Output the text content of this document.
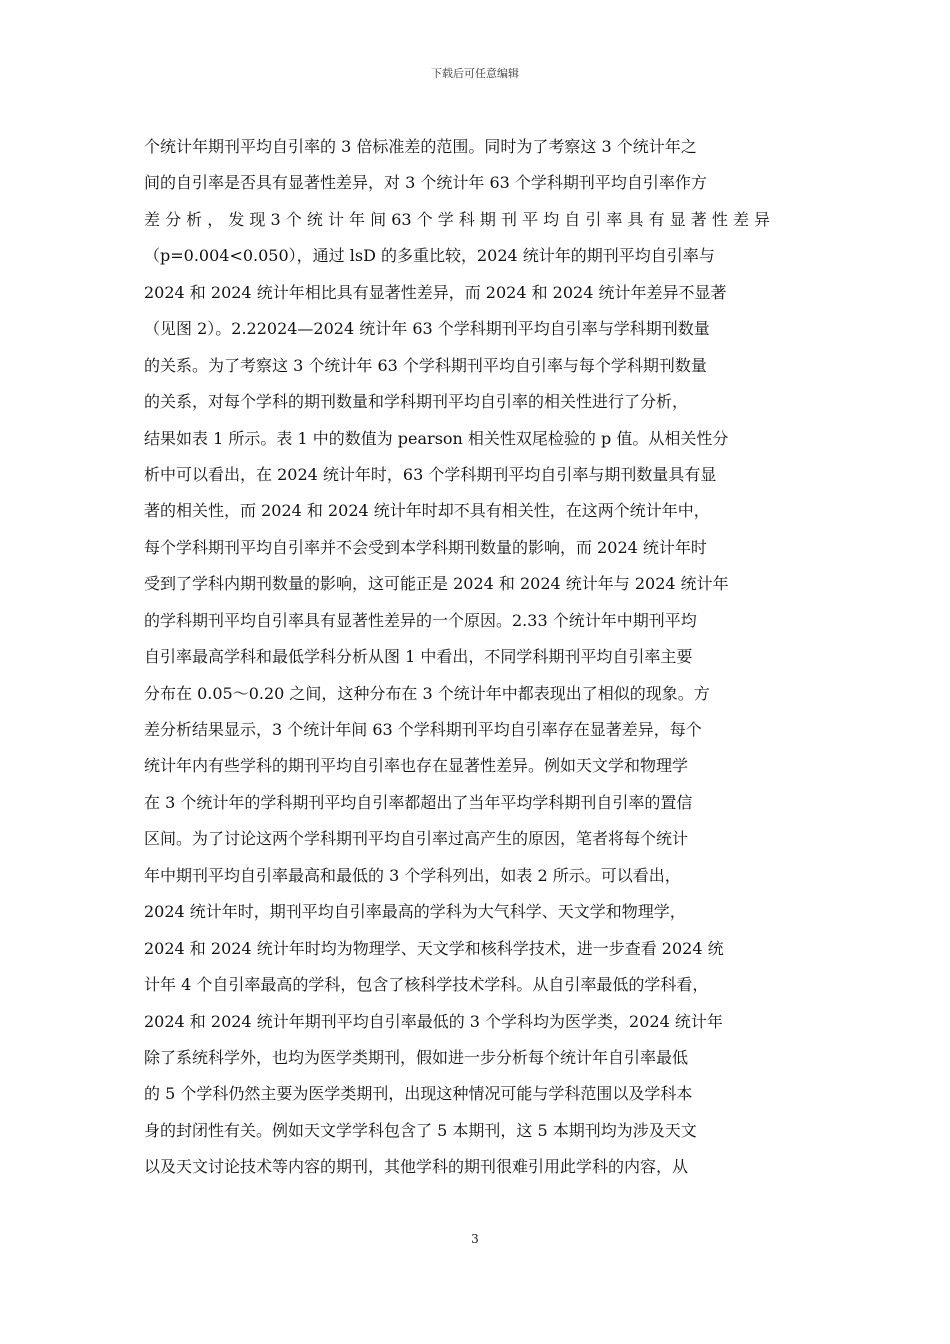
下载后可任意编辑
个统计年期刊平均自引率的 3 倍标准差的范围。同时为了考察这 3 个统计年之
间的自引率是否具有显著性差异，对 3 个统计年 63 个学科期刊平均自引率作方
差 分 析 ， 发 现 3 个 统 计 年 间 63 个 学 科 期 刊 平 均 自 引 率 具 有 显 著 性 差 异
（p=0.004<0.050），通过 lsD 的多重比较，2024 统计年的期刊平均自引率与
2024 和 2024 统计年相比具有显著性差异，而 2024 和 2024 统计年差异不显著
（见图 2）。2.22024—2024 统计年 63 个学科期刊平均自引率与学科期刊数量
的关系。为了考察这 3 个统计年 63 个学科期刊平均自引率与每个学科期刊数量
的关系，对每个学科的期刊数量和学科期刊平均自引率的相关性进行了分析，
结果如表 1 所示。表 1 中的数值为 pearson 相关性双尾检验的 p 值。从相关性分
析中可以看出，在 2024 统计年时，63 个学科期刊平均自引率与期刊数量具有显
著的相关性，而 2024 和 2024 统计年时却不具有相关性，在这两个统计年中，
每个学科期刊平均自引率并不会受到本学科期刊数量的影响，而 2024 统计年时
受到了学科内期刊数量的影响，这可能正是 2024 和 2024 统计年与 2024 统计年
的学科期刊平均自引率具有显著性差异的一个原因。2.33 个统计年中期刊平均
自引率最高学科和最低学科分析从图 1 中看出，不同学科期刊平均自引率主要
分布在 0.05～0.20 之间，这种分布在 3 个统计年中都表现出了相似的现象。方
差分析结果显示，3 个统计年间 63 个学科期刊平均自引率存在显著差异，每个
统计年内有些学科的期刊平均自引率也存在显著性差异。例如天文学和物理学
在 3 个统计年的学科期刊平均自引率都超出了当年平均学科期刊自引率的置信
区间。为了讨论这两个学科期刊平均自引率过高产生的原因，笔者将每个统计
年中期刊平均自引率最高和最低的 3 个学科列出，如表 2 所示。可以看出，
2024 统计年时，期刊平均自引率最高的学科为大气科学、天文学和物理学，
2024 和 2024 统计年时均为物理学、天文学和核科学技术，进一步查看 2024 统
计年 4 个自引率最高的学科，包含了核科学技术学科。从自引率最低的学科看，
2024 和 2024 统计年期刊平均自引率最低的 3 个学科均为医学类，2024 统计年
除了系统科学外，也均为医学类期刊，假如进一步分析每个统计年自引率最低
的 5 个学科仍然主要为医学类期刊，出现这种情况可能与学科范围以及学科本
身的封闭性有关。例如天文学学科包含了 5 本期刊，这 5 本期刊均为涉及天文
以及天文讨论技术等内容的期刊，其他学科的期刊很难引用此学科的内容，从
3
